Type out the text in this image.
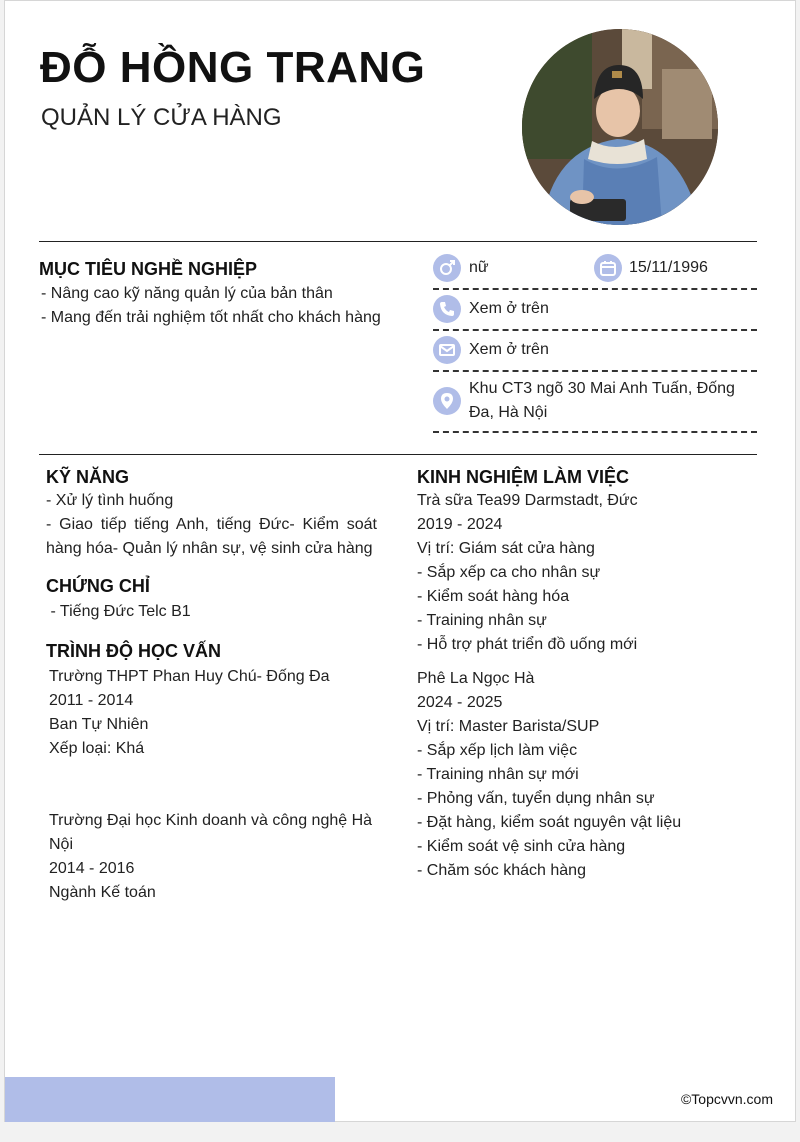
ĐỖ HỒNG TRANG
QUẢN LÝ CỬA HÀNG
MỤC TIÊU NGHỀ NGHIỆP
- Nâng cao kỹ năng quản lý của bản thân
- Mang đến trải nghiệm tốt nhất cho khách hàng
nữ	15/11/1996
Xem ở trên
Xem ở trên
Khu CT3 ngõ 30 Mai Anh Tuấn, Đống Đa, Hà Nội
KỸ NĂNG
- Xử lý tình huống
- Giao tiếp tiếng Anh, tiếng Đức- Kiểm soát hàng hóa- Quản lý nhân sự, vệ sinh cửa hàng
CHỨNG CHỈ
- Tiếng Đức Telc B1
TRÌNH ĐỘ HỌC VẤN
Trường THPT Phan Huy Chú- Đống Đa
2011 - 2014
Ban Tự Nhiên
Xếp loại: Khá
Trường Đại học Kinh doanh và công nghệ Hà Nội
2014 - 2016
Ngành Kế toán
KINH NGHIỆM LÀM VIỆC
Trà sữa Tea99 Darmstadt, Đức
2019 - 2024
Vị trí: Giám sát cửa hàng
- Sắp xếp ca cho nhân sự
- Kiểm soát hàng hóa
- Training nhân sự
- Hỗ trợ phát triển đồ uống mới
Phê La Ngọc Hà
2024 - 2025
Vị trí: Master Barista/SUP
- Sắp xếp lịch làm việc
- Training nhân sự mới
- Phỏng vấn, tuyển dụng nhân sự
- Đặt hàng, kiểm soát nguyên vật liệu
- Kiểm soát vệ sinh cửa hàng
- Chăm sóc khách hàng
©Topcvvn.com
